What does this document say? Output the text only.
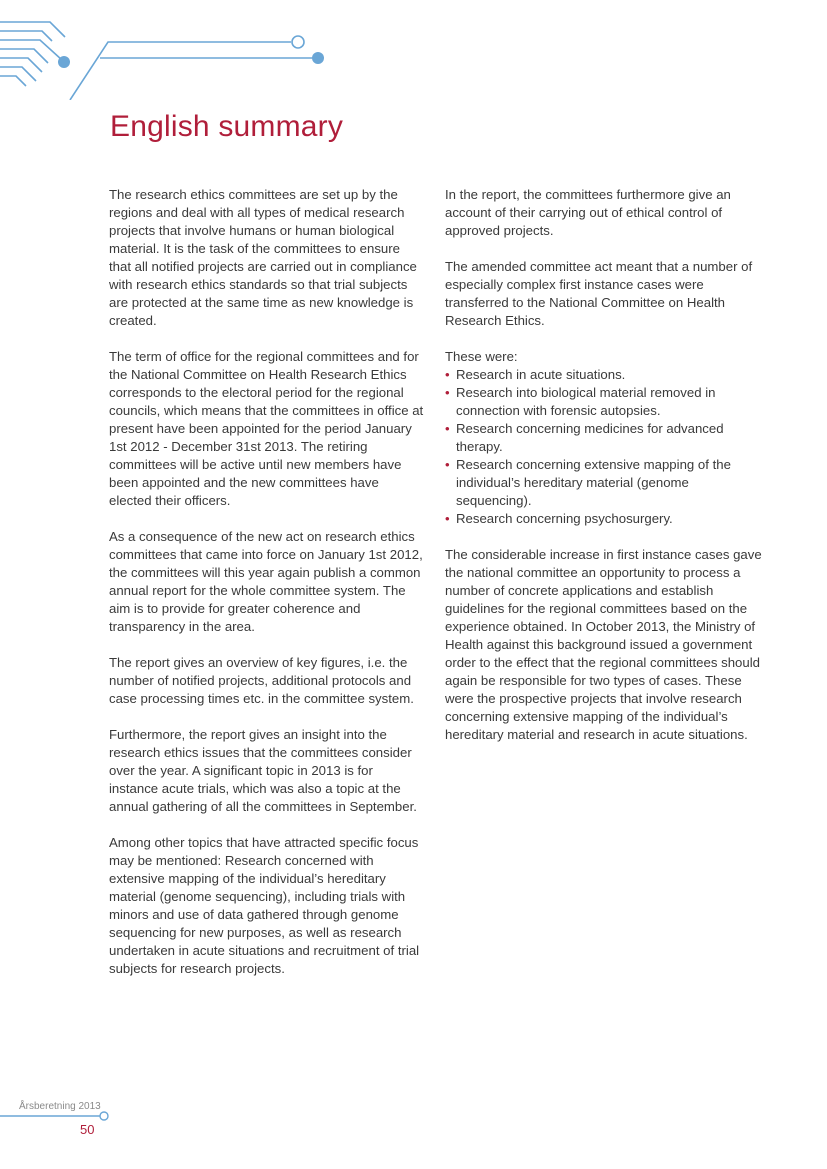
English summary

The research ethics committees are set up by the regions and deal with all types of medical research projects that involve humans or human biological material. It is the task of the committees to ensure that all notified projects are carried out in compliance with research ethics standards so that trial subjects are protected at the same time as new knowledge is created.

The term of office for the regional committees and for the National Committee on Health Research Ethics corresponds to the electoral period for the regional councils, which means that the committees in office at present have been appointed for the period January 1st 2012 - December 31st 2013. The retiring committees will be active until new members have been appointed and the new committees have elected their officers.

As a consequence of the new act on research ethics committees that came into force on January 1st 2012, the committees will this year again publish a common annual report for the whole committee system. The aim is to provide for greater coherence and transparency in the area.

The report gives an overview of key figures, i.e. the number of notified projects, additional protocols and case processing times etc. in the committee system.

Furthermore, the report gives an insight into the research ethics issues that the committees consider over the year. A significant topic in 2013 is for instance acute trials, which was also a topic at the annual gathering of all the committees in September.

Among other topics that have attracted specific focus may be mentioned: Research concerned with extensive mapping of the individual’s hereditary material (genome sequencing), including trials with minors and use of data gathered through genome sequencing for new purposes, as well as research undertaken in acute situations and recruitment of trial subjects for research projects.

In the report, the committees furthermore give an account of their carrying out of ethical control of approved projects.

The amended committee act meant that a number of especially complex first instance cases were transferred to the National Committee on Health Research Ethics.

These were:

• Research in acute situations.
• Research into biological material removed in connection with forensic autopsies.
• Research concerning medicines for advanced therapy.
• Research concerning extensive mapping of the individual’s hereditary material (genome sequencing).
• Research concerning psychosurgery.

The considerable increase in first instance cases gave the national committee an opportunity to process a number of concrete applications and establish guidelines for the regional committees based on the experience obtained. In October 2013, the Ministry of Health against this background issued a government order to the effect that the regional committees should again be responsible for two types of cases. These were the prospective projects that involve research concerning extensive mapping of the individual’s hereditary material and research in acute situations.

Årsberetning 2013
50
